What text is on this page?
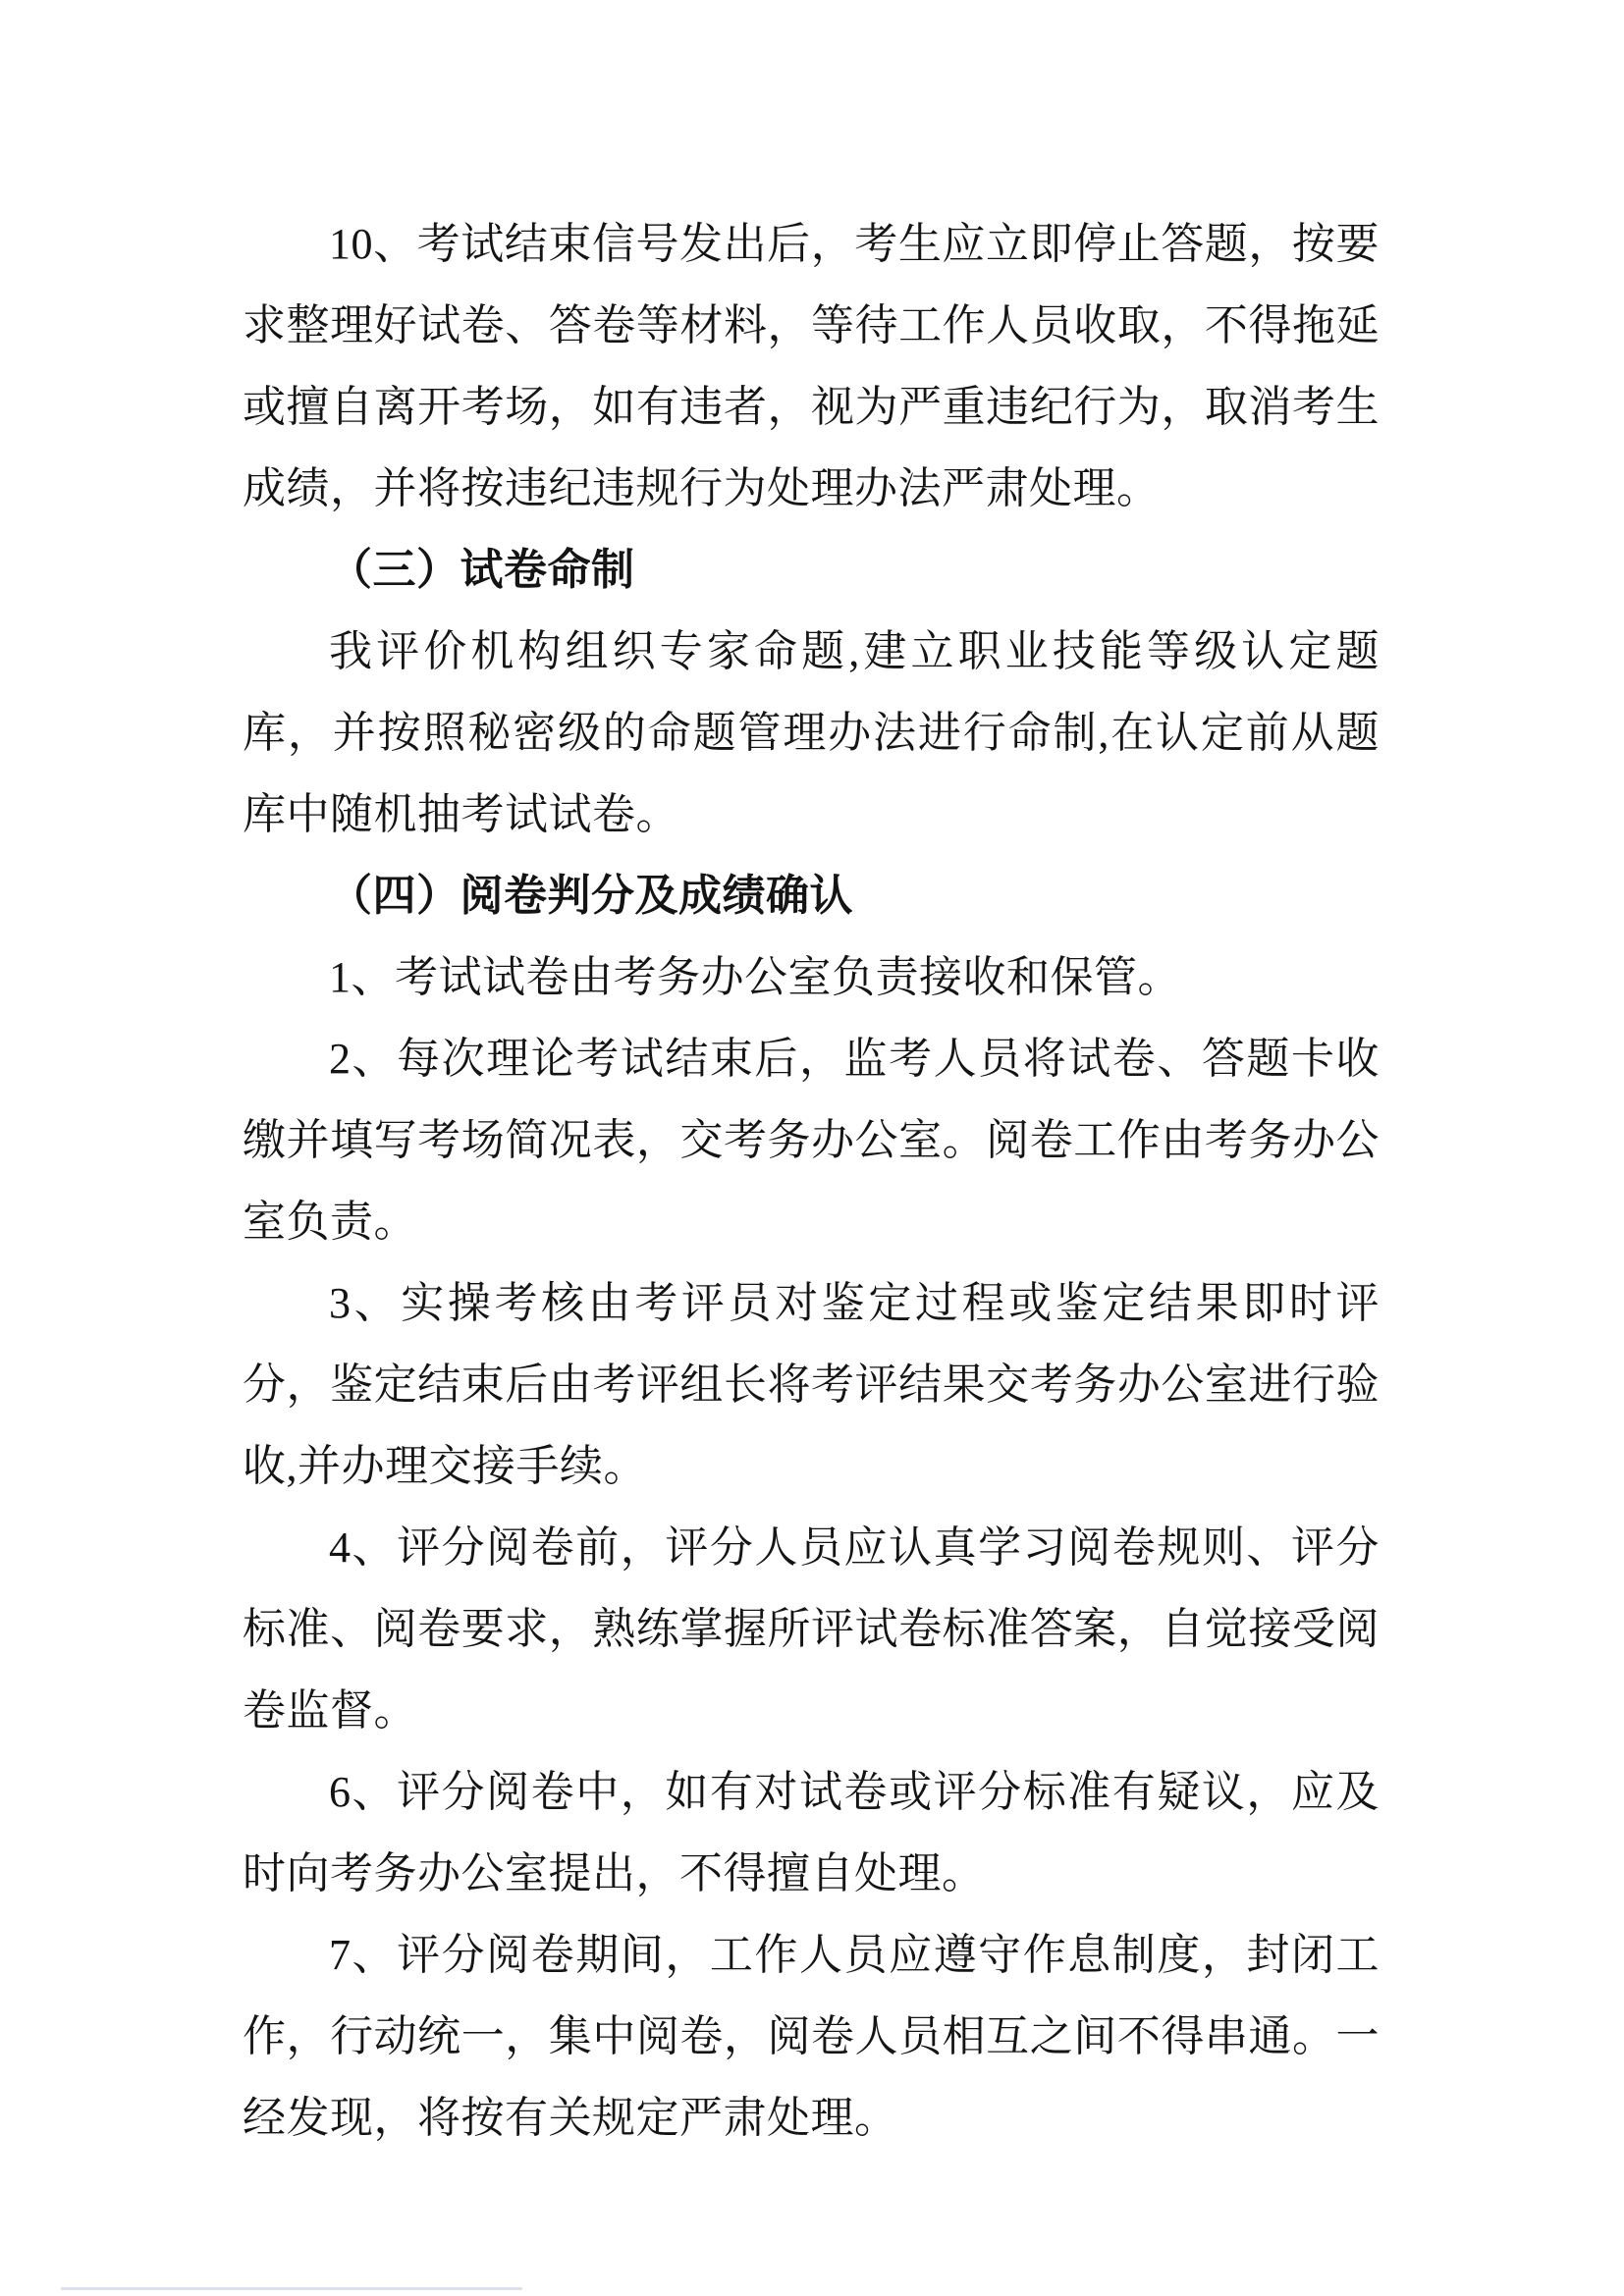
10、考试结束信号发出后，考生应立即停止答题，按要求整理好试卷、答卷等材料，等待工作人员收取，不得拖延或擅自离开考场，如有违者，视为严重违纪行为，取消考生成绩，并将按违纪违规行为处理办法严肃处理。

（三）试卷命制

我评价机构组织专家命题,建立职业技能等级认定题库，并按照秘密级的命题管理办法进行命制,在认定前从题库中随机抽考试试卷。

（四）阅卷判分及成绩确认

1、考试试卷由考务办公室负责接收和保管。

2、每次理论考试结束后，监考人员将试卷、答题卡收缴并填写考场简况表，交考务办公室。阅卷工作由考务办公室负责。

3、实操考核由考评员对鉴定过程或鉴定结果即时评分，鉴定结束后由考评组长将考评结果交考务办公室进行验收,并办理交接手续。

4、评分阅卷前，评分人员应认真学习阅卷规则、评分标准、阅卷要求，熟练掌握所评试卷标准答案，自觉接受阅卷监督。

6、评分阅卷中，如有对试卷或评分标准有疑议，应及时向考务办公室提出，不得擅自处理。

7、评分阅卷期间，工作人员应遵守作息制度，封闭工作，行动统一，集中阅卷，阅卷人员相互之间不得串通。一经发现，将按有关规定严肃处理。
